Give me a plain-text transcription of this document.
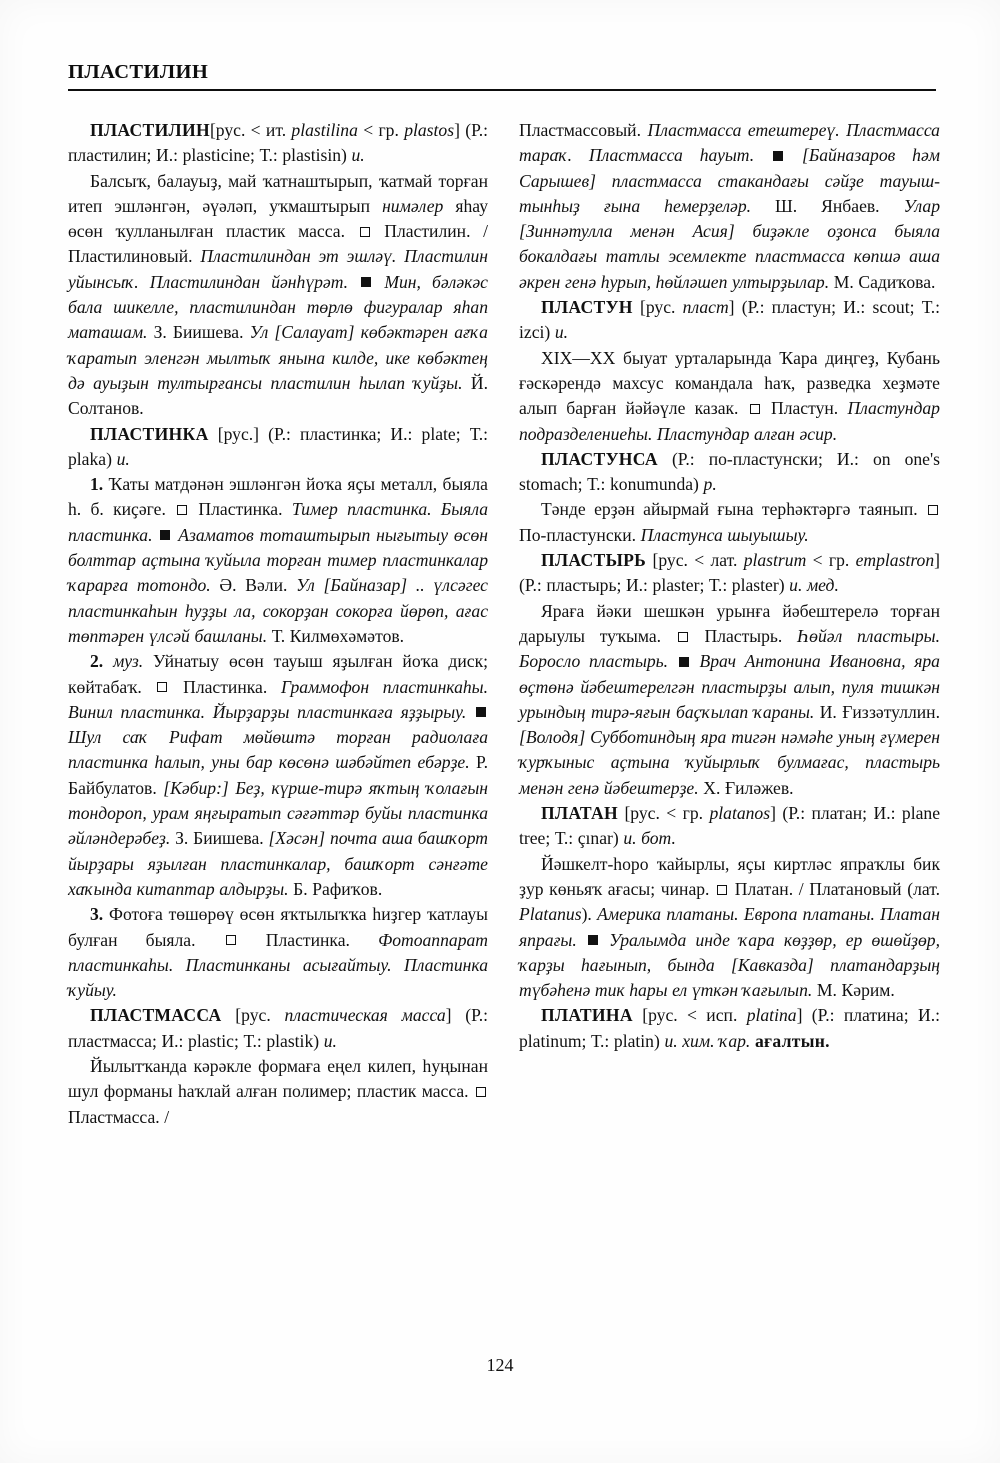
ПЛАСТИЛИН

ПЛАСТИЛИН[рус. < ит. plastilina < гр. plastos] (Р.: пластилин; И.: plasticine; Т.: plastisin) и.

Балсыҡ, балауыҙ, май ҡатнаштырып, ҡатмай торған итеп эшләнгән, әүәләп, уҡмаштырып нимәлер яһау өсөн ҡулланылған пластик масса.  Пластилин. / Пластилиновый. Пластилиндан эт эшләү. Пластилин уйынсыҡ. Пластилиндан йәнһүрәт. Мин, бәләкәс бала шикелле, пластилиндан төрлө фигуралар яһап маташам. З. Биишева. Ул [Салауат] көбәктәрен ағҡа ҡаратып эленгән мылтыҡ янына килде, ике көбәктең дә ауыҙын тултырғансы пластилин һылап ҡуйҙы. Й. Солтанов.

ПЛАСТИНКА [рус.] (Р.: пластинка; И.: plate; Т.: plaka) и.

1. Ҡаты матдәнән эшләнгән йоҡа яҫы металл, быяла һ. б. киҫәге.  Пластинка. Тимер пластинка. Быяла пластинка. Азаматов тоташтырып нығытыу өсөн болттар аҫтына ҡуйыла торған тимер пластинкалар ҡарарға тотондо. Ә. Вәли. Ул [Байназар] .. үлсәгес пластинкаһын һуҙҙы ла, сокорҙан сокорға йөрөп, ағас төптәрен үлсәй башланы. Т. Килмөхәмәтов.

2. муз. Уйнатыу өсөн тауыш яҙылған йоҡа диск; көйтабаҡ.  Пластинка. Граммофон пластинкаһы. Винил пластинка. Йырҙарҙы пластинкаға яҙҙырыу.  Шул саҡ Рифат мөйөштә торған радиолаға пластинка һалып, уны бар көсөнә шәбәйтеп ебәрҙе. Р. Байбулатов. [Кәбир:] Беҙ, күрше-тирә яҡтың ҡолағын тондороп, урам яңғыратып сәғәттәр буйы пластинка әйләндерәбеҙ. З. Биишева. [Хәсән] почта аша башҡорт йырҙары яҙылған пластинкалар, башҡорт сәнғәте хаҡында китаптар алдырҙы. Б. Рафиҡов.

3. Фотоға төшөрөү өсөн яҡтылыҡҡа һиҙгер ҡатлауы булған быяла.  Пластинка. Фотоаппарат пластинкаһы. Пластинканы асығайтыу. Пластинка ҡуйыу.

ПЛАСТМАССА [рус. пластическая масса] (Р.: пластмасса; И.: plastic; Т.: plastik) и.

Йылытҡанда кәрәкле формаға еңел килеп, һуңынан шул форманы һаҡлай алған полимер; пластик масса.  Пластмасса. /

Пластмассовый. Пластмасса етештереү. Пластмасса тараҡ. Пластмасса һауыт.	[Байназаров һәм Сарышев] пластмасса стакандағы сәйҙе тауыш-тынһыҙ ғына һемерҙеләр. Ш. Янбаев. Улар [Зиннәтулла менән Асия] биҙәкле оҙонса быяла бокалдағы татлы эсемлекте пластмасса көпшә аша әкрен генә һурып, һөйләшеп ултырҙылар. М. Садиҡова.

ПЛАСТУН [рус. пласт] (Р.: пластун; И.: scout; Т.: izci) и.

XIX—XX быуат урталарында Ҡара диңгеҙ, Кубань ғәскәрендә махсус командала һаҡ, разведка хеҙмәте алып барған йәйәүле казак.  Пластун. Пластундар подразделениеһы. Пластундар алған әсир.

ПЛАСТУНСА (Р.: по-пластунски; И.: on one's stomach; Т.: konumunda) р.

Тәнде ерҙән айырмай ғына терһәктәргә таянып.  По-пластунски. Пластунса шыуышыу.

ПЛАСТЫРЬ [рус. < лат. plastrum < гр. emplastron] (Р.: пластырь; И.: plaster; Т.: plaster) и. мед.

Яраға йәки шешкән урынға йәбештерелә торған дарыулы туҡыма.  Пластырь. Һөйәл пластыры. Боросло пластырь. Врач Антонина Ивановна, яра өҫтөнә йәбештерелгән пластырҙы алып, пуля тишкән урындың тирә-яғын баҫҡылап ҡараны. И. Ғиззәтуллин. [Володя] Субботиндың яра тигән нәмәһе уның ғүмерен ҡурҡыныс аҫтына ҡуйырлыҡ булмағас, пластырь менән генә йәбештерҙе. Х. Ғиләжев.

ПЛАТАН [рус. < гр. platanos] (Р.: платан; И.: plane tree; Т.: çınar) и. бот.

Йәшкелт-һоро ҡайырлы, яҫы киртләс япраҡлы бик ҙур көньяҡ ағасы; чинар.  Платан. / Платановый (лат. Platanus). Америка платаны. Европа платаны. Платан япрағы. Уралымда инде ҡара көҙҙөр, ер өшөйҙөр, ҡарҙы һағынып, бында [Кавказда] платандарҙың түбәһенә тик һары ел үткән ҡағылып. М. Кәрим.

ПЛАТИНА [рус. < исп. platina] (Р.: платина; И.: platinum; Т.: platin) и. хим. ҡар. ағалтын.

124
